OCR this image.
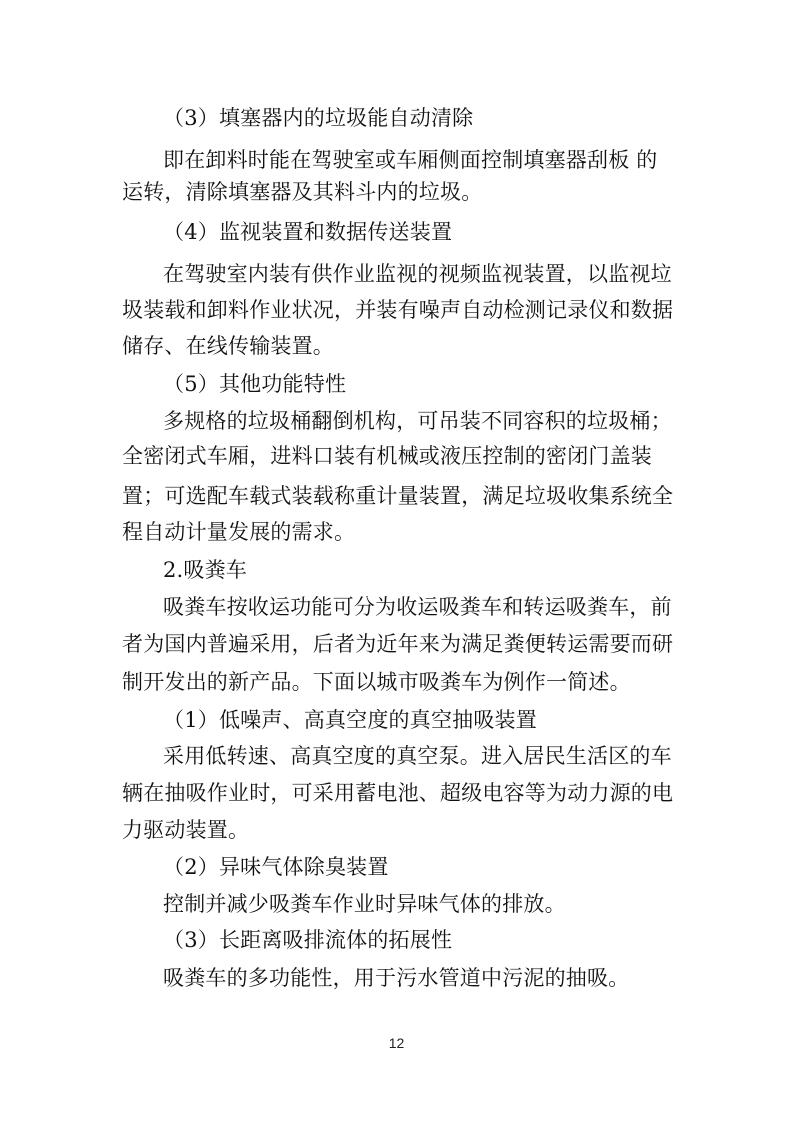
（3）填塞器内的垃圾能自动清除
即在卸料时能在驾驶室或车厢侧面控制填塞器刮板 的
运转，清除填塞器及其料斗内的垃圾。
（4）监视装置和数据传送装置
在驾驶室内装有供作业监视的视频监视装置，以监视垃
圾装载和卸料作业状况，并装有噪声自动检测记录仪和数据
储存、在线传输装置。
（5）其他功能特性
多规格的垃圾桶翻倒机构，可吊装不同容积的垃圾桶；
全密闭式车厢，进料口装有机械或液压控制的密闭门盖装
置；可选配车载式装载称重计量装置，满足垃圾收集系统全
程自动计量发展的需求。
2.吸粪车
吸粪车按收运功能可分为收运吸粪车和转运吸粪车，前
者为国内普遍采用，后者为近年来为满足粪便转运需要而研
制开发出的新产品。下面以城市吸粪车为例作一简述。
（1）低噪声、高真空度的真空抽吸装置
采用低转速、高真空度的真空泵。进入居民生活区的车
辆在抽吸作业时，可采用蓄电池、超级电容等为动力源的电
力驱动装置。
（2）异味气体除臭装置
控制并减少吸粪车作业时异味气体的排放。
（3）长距离吸排流体的拓展性
吸粪车的多功能性，用于污水管道中污泥的抽吸。
12
